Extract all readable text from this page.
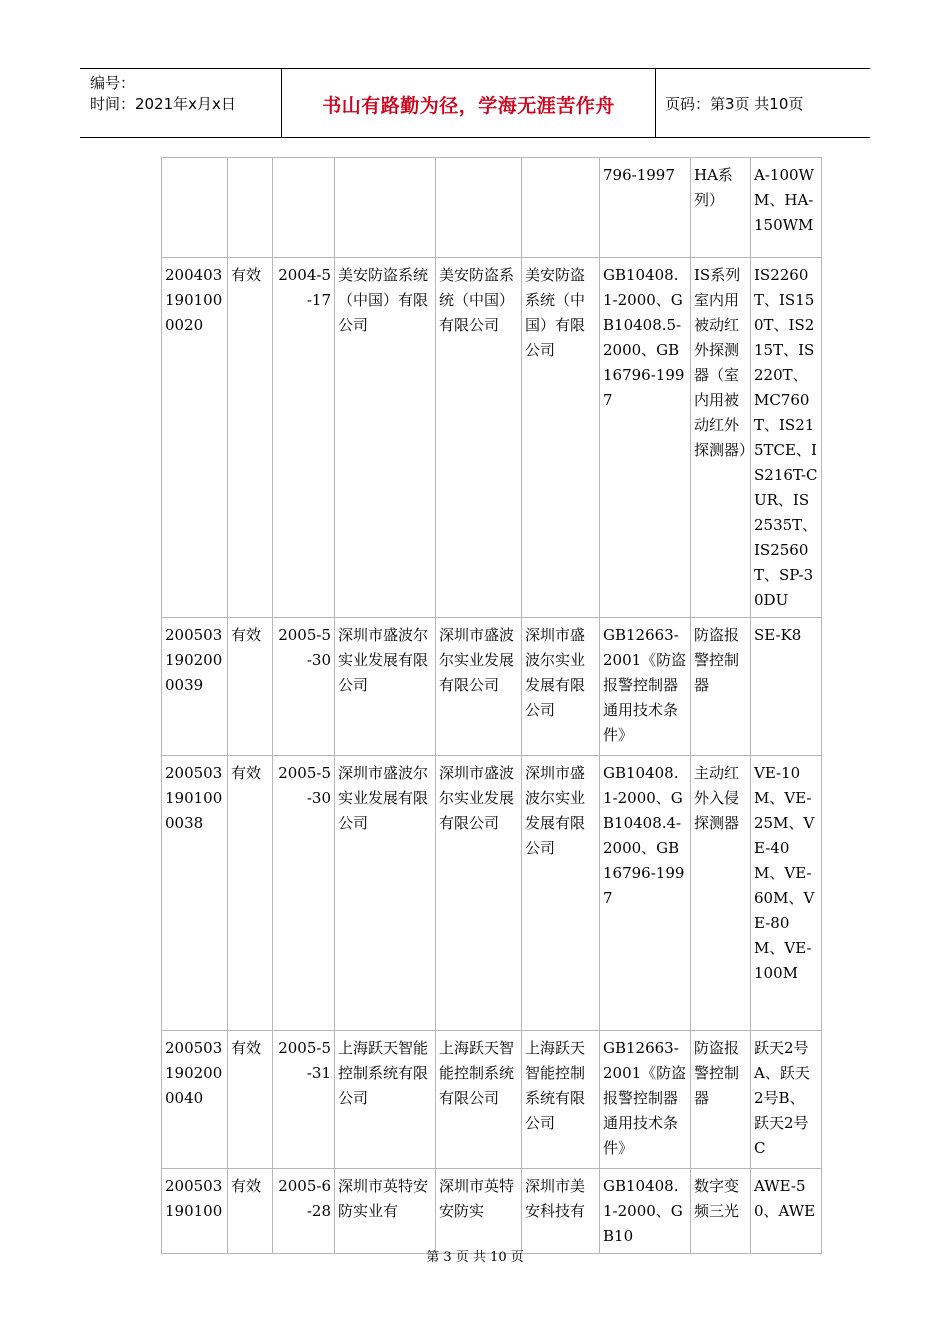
编号：
时间：2021年x月x日	书山有路勤为径，学海无涯苦作舟	页码：第3页 共10页
						796-1997	HA系列）	A-100WM、HA-150WM
2004031901000020	有效	2004-5-17	美安防盗系统（中国）有限公司	美安防盗系统（中国）有限公司	美安防盗系统（中国）有限公司	GB10408.1-2000、GB10408.5-2000、GB16796-1997	IS系列室内用被动红外探测器（室内用被动红外探测器）	IS2260T、IS150T、IS215T、IS220T、MC760T、IS215TCE、IS216T-CUR、IS2535T、IS2560T、SP-30DU
2005031902000039	有效	2005-5-30	深圳市盛波尔实业发展有限公司	深圳市盛波尔实业发展有限公司	深圳市盛波尔实业发展有限公司	GB12663-2001《防盗报警控制器通用技术条件》	防盗报警控制器	SE-K8
2005031901000038	有效	2005-5-30	深圳市盛波尔实业发展有限公司	深圳市盛波尔实业发展有限公司	深圳市盛波尔实业发展有限公司	GB10408.1-2000、GB10408.4-2000、GB16796-1997	主动红外入侵探测器	VE-10M、VE-25M、VE-40M、VE-60M、VE-80M、VE-100M
2005031902000040	有效	2005-5-31	上海跃天智能控制系统有限公司	上海跃天智能控制系统有限公司	上海跃天智能控制系统有限公司	GB12663-2001《防盗报警控制器通用技术条件》	防盗报警控制器	跃天2号A、跃天2号B、跃天2号C
200503190100	有效	2005-6-28	深圳市英特安防实业有	深圳市英特安防实	深圳市美安科技有	GB10408.1-2000、GB10	数字变频三光	AWE-50、AWE
第 3 页 共 10 页
